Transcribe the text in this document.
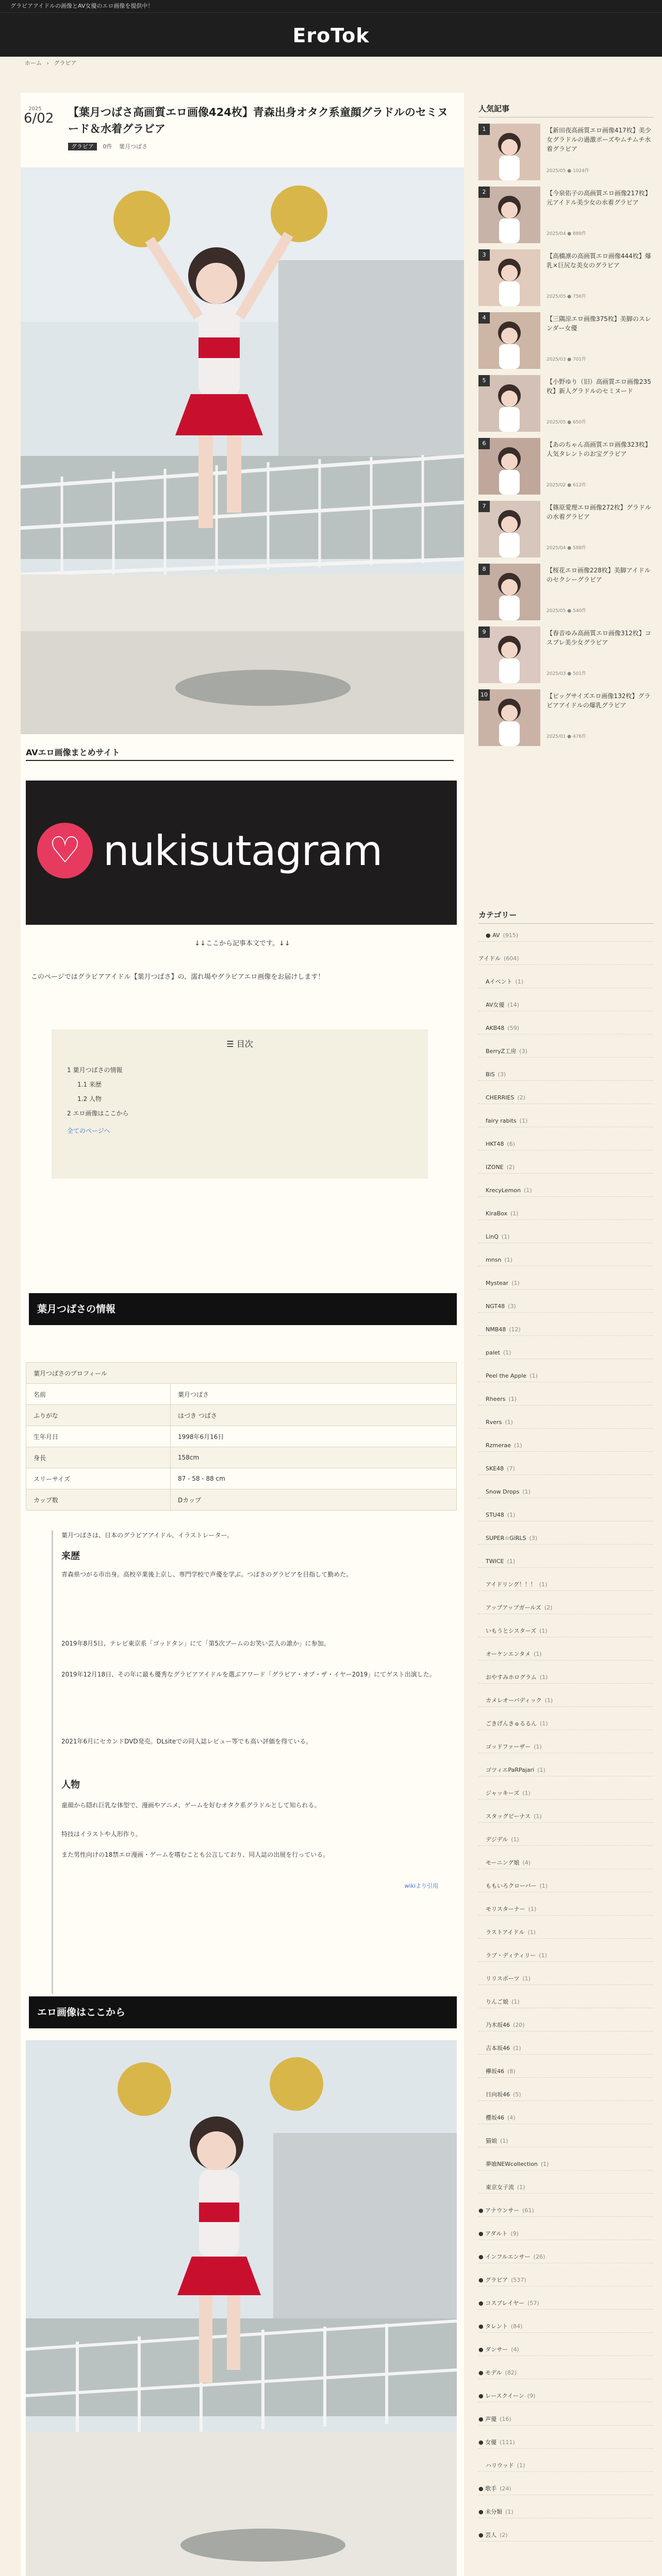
グラビアアイドルの画像とAV女優のエロ画像を提供中！
EroTok
ホーム › グラビア
2025
6/02 【葉月つばさ高画質エロ画像424枚】青森出身オタク系童顔グラドルのセミヌード＆水着グラビア
グラビア 0件 葉月つばさ
AVエロ画像まとめサイト
♡ nukisutagram
↓↓ここから記事本文です。↓↓
このページではグラビアアイドル【葉月つばさ】の、濡れ場やグラビアエロ画像をお届けします！
☰ 目次
1 葉月つばさの情報
1.1 来歴
1.2 人物
2 エロ画像はここから
全てのページへ
葉月つばさの情報
葉月つばさのプロフィール	
名前	葉月つばさ
ふりがな	はづき つばさ
生年月日	1998年6月16日
身長	158cm
スリーサイズ	87 - 58 - 88 cm
カップ数	Dカップ
葉月つばさは、日本のグラビアアイドル、イラストレーター。
来歴
青森県つがる市出身。高校卒業後上京し、専門学校で声優を学ぶ。つばきのグラビアを目指して勤めた。
2019年8月5日、テレビ東京系「ゴッドタン」にて「第5次ブームのお笑い芸人の誰か」に参加。
2019年12月18日、その年に最も優秀なグラビアアイドルを選ぶアワード「グラビア・オブ・ザ・イヤー2019」にてゲスト出演した。
2021年6月にセカンドDVD発売。DLsiteでの同人誌レビュー等でも高い評価を得ている。
人物
童顔から隠れ巨乳な体型で、漫画やアニメ、ゲームを好むオタク系グラドルとして知られる。
特技はイラストや人形作り。
また男性向けの18禁エロ漫画・ゲームを嗜むことも公言しており、同人誌の出展を行っている。
wikiより引用
エロ画像はここから
人気記事
1	【新田夜高画質エロ画像417枚】美少女グラドルの過激ポーズやムチムチ水着グラビア
2025/05 ● 1024件
2	【今泉佑子の高画質エロ画像217枚】元アイドル美少女の水着グラビア
2025/04 ● 889件
3	【高橋凛の高画質エロ画像444枚】爆乳×巨尻な美女のグラビア
2025/05 ● 756件
4	【三隅涼エロ画像375枚】美脚のスレンダー女優
2025/03 ● 701件
5	【小野ゆり（旧）高画質エロ画像235枚】新人グラドルのセミヌード
2025/05 ● 650件
6	【あのちゃん高画質エロ画像323枚】人気タレントのお宝グラビア
2025/02 ● 612件
7	【篠原愛理エロ画像272枚】グラドルの水着グラビア
2025/04 ● 588件
8	【桜花エロ画像228枚】美脚アイドルのセクシーグラビア
2025/05 ● 540件
9	【春音ゆみ高画質エロ画像312枚】コスプレ美少女グラビア
2025/03 ● 501件
10	【ビッグサイズエロ画像132枚】グラビアアイドルの爆乳グラビア
2025/01 ● 476件
カテゴリー
● AV (915)
アイドル (604)
Aイベント (1)
AV女優 (14)
AKB48 (59)
BerryZ工房 (3)
BiS (3)
CHERRIES (2)
fairy rabits (1)
HKT48 (6)
IZONE (2)
KrecyLemon (1)
KiraBox (1)
LinQ (1)
mnsn (1)
Mystear (1)
NGT48 (3)
NMB48 (12)
palet (1)
Peel the Apple (1)
Rheers (1)
Rvers (1)
Rzmerae (1)
SKE48 (7)
Snow Drops (1)
STU48 (1)
SUPER☆GiRLS (3)
TWICE (1)
アイドリング！！！ (1)
アップアップガールズ (2)
いもうとシスターズ (1)
オーケンエンタメ (1)
おやすみホログラム (1)
カメレオーバディック (1)
ごきげんきゅるるん (1)
ゴッドファーザー (1)
ゴツィエPaRPajari (1)
ジャッキーズ (1)
スタッグビーナス (1)
デジデル (1)
モーニング娘 (4)
ももいろクローバー (1)
モリスターナー (1)
ラストアイドル (1)
ラブ・ディティリー (1)
リリスポーツ (1)
りんご娘 (1)
乃木坂46 (20)
吉本坂46 (1)
欅坂46 (8)
日向坂46 (5)
櫻坂46 (4)
猫娘 (1)
夢喰NEWcollection (1)
東京女子流 (1)
● アナウンサー (61)
● アダルト (9)
● インフルエンサー (26)
● グラビア (537)
● コスプレイヤー (57)
● タレント (84)
● ダンサー (4)
● モデル (82)
● レースクイーン (9)
● 声優 (16)
● 女優 (111)
ハリウッド (1)
● 歌手 (24)
● 未分類 (1)
● 芸人 (2)
